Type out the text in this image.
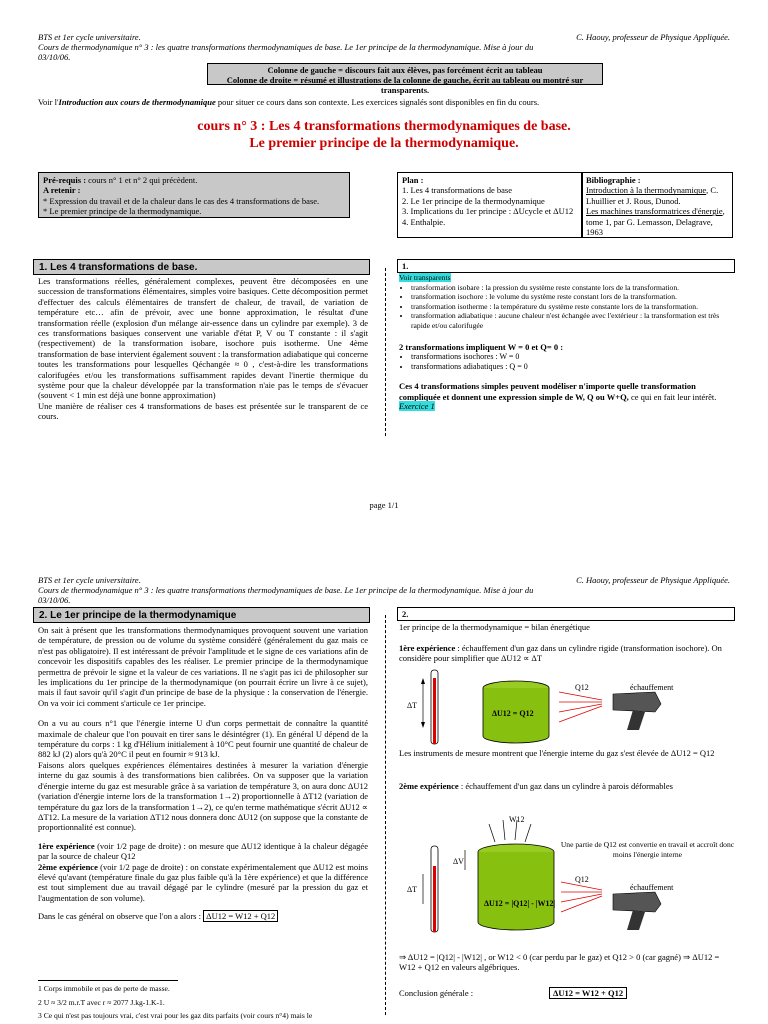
BTS et 1er cycle universitaire.
Cours de thermodynamique n° 3 : les quatre transformations thermodynamiques de base. Le 1er principe de la thermodynamique. Mise à jour du 03/10/06.
C. Haouy, professeur de Physique Appliquée.
Colonne de gauche = discours fait aux élèves, pas forcément écrit au tableau
Colonne de droite = résumé et illustrations de la colonne de gauche, écrit au tableau ou montré sur transparents.
Voir l'Introduction aux cours de thermodynamique pour situer ce cours dans son contexte. Les exercices signalés sont disponibles en fin du cours.
cours n° 3 : Les 4 transformations thermodynamiques de base.
Le premier principe de la thermodynamique.
Pré-requis : cours n° 1 et n° 2 qui précèdent.
A retenir :
* Expression du travail et de la chaleur dans le cas des 4 transformations de base.
* Le premier principe de la thermodynamique.
Plan :
1. Les 4 transformations de base
2. Le 1er principe de la thermodynamique
3. Implications du 1er principe : ΔUcycle et ΔU12
4. Enthalpie.
Bibliographie :
Introduction à la thermodynamique, C. Lhuillier et J. Rous, Dunod.
Les machines transformatrices d'énergie, tome 1, par G. Lemasson, Delagrave, 1963
1. Les 4 transformations de base.
Les transformations réelles, généralement complexes, peuvent être décomposées en une succession de transformations élémentaires, simples voire basiques. Cette décomposition permet d'effectuer des calculs élémentaires de transfert de chaleur, de travail, de variation de température etc… afin de prévoir, avec une bonne approximation, le résultat d'une transformation réelle (explosion d'un mélange air-essence dans un cylindre par exemple). 3 de ces transformations basiques conservent une variable d'état P, V ou T constante : il s'agit (respectivement) de la transformation isobare, isochore puis isotherme. Une 4ème transformation de base intervient également souvent : la transformation adiabatique qui concerne toutes les transformations pour lesquelles Qéchangée ≈ 0 , c'est-à-dire les transformations calorifugées et/ou les transformations suffisamment rapides devant l'inertie thermique du système pour que la chaleur développée par la transformation n'aie pas le temps de s'évacuer (souvent < 1 min est déjà une bonne approximation)
Une manière de réaliser ces 4 transformations de bases est présentée sur le transparent de ce cours.
1.
Voir transparents
• transformation isobare : la pression du système reste constante lors de la transformation.
• transformation isochore : le volume du système reste constant lors de la transformation.
• transformation isotherme : la température du système reste constante lors de la transformation.
• transformation adiabatique : aucune chaleur n'est échangée avec l'extérieur : la transformation est très rapide et/ou calorifugée
2 transformations impliquent W = 0 et Q= 0 :
• transformations isochores : W = 0
• transformations adiabatiques : Q = 0
Ces 4 transformations simples peuvent modéliser n'importe quelle transformation compliquée et donnent une expression simple de W, Q ou W+Q, ce qui en fait leur intérêt.
Exercice 1
page 1/1
BTS et 1er cycle universitaire.
Cours de thermodynamique n° 3 : les quatre transformations thermodynamiques de base. Le 1er principe de la thermodynamique. Mise à jour du 03/10/06.
C. Haouy, professeur de Physique Appliquée.
2. Le 1er principe de la thermodynamique
On sait à présent que les transformations thermodynamiques provoquent souvent une variation de température, de pression ou de volume du système considéré (généralement du gaz mais ce n'est pas obligatoire). Il est intéressant de prévoir l'amplitude et le signe de ces variations afin de concevoir les dispositifs capables des les réaliser. Le premier principe de la thermodynamique permettra de prévoir le signe et la valeur de ces variations. Il ne s'agit pas ici de philosopher sur les implications du 1er principe de la thermodynamique (on pourrait écrire un livre à ce sujet), mais il faut savoir qu'il s'agit d'un principe de base de la physique : la conservation de l'énergie. On va voir ici comment s'articule ce 1er principe.
On a vu au cours n°1 que l'énergie interne U d'un corps permettait de connaître la quantité maximale de chaleur que l'on pouvait en tirer sans le désintégrer (1). En général U dépend de la température du corps : 1 kg d'Hélium initialement à 10°C peut fournir une quantité de chaleur de 882 kJ (2) alors qu'à 20°C il peut en fournir ≈ 913 kJ.
Faisons alors quelques expériences élémentaires destinées à mesurer la variation d'énergie interne du gaz soumis à des transformations bien calibrées. On va supposer que la variation d'énergie interne du gaz est mesurable grâce à sa variation de température 3, on aura donc ΔU12 (variation d'énergie interne lors de la transformation 1→2) proportionnelle à ΔT12 (variation de température du gaz lors de la transformation 1→2), ce qu'en terme mathématique s'écrit ΔU12 ∝ ΔT12. La mesure de la variation ΔT12 nous donnera donc ΔU12 (on suppose que la constante de proportionnalité est connue).
1ère expérience (voir 1/2 page de droite) : on mesure que ΔU12 identique à la chaleur dégagée par la source de chaleur Q12
2ème expérience (voir 1/2 page de droite) : on constate expérimentalement que ΔU12 est moins élevé qu'avant (température finale du gaz plus faible qu'à la 1ère expérience) et que la différence est tout simplement due au travail dégagé par le cylindre (mesuré par la pression du gaz et l'augmentation de son volume).
Dans le cas général on observe que l'on a alors : ΔU12 = W12 + Q12
1 Corps immobile et pas de perte de masse.
2 U ≈ 3/2 m.r.T avec r ≈ 2077 J.kg-1.K-1.
3 Ce qui n'est pas toujours vrai, c'est vrai pour les gaz dits parfaits (voir cours n°4) mais le
2.
1er principe de la thermodynamique = bilan énergétique
1ère expérience : échauffement d'un gaz dans un cylindre rigide (transformation isochore). On considère pour simplifier que ΔU12 ∝ ΔT
ΔT
ΔU12 = Q12
Q12	échauffement
Les instruments de mesure montrent que l'énergie interne du gaz s'est élevée de ΔU12 = Q12
2ème expérience : échauffement d'un gaz dans un cylindre à parois déformables
ΔT
ΔV
W12
ΔU12 = |Q12| - |W12|
Q12
échauffement
Une partie de Q12 est convertie en travail et accroît donc moins l'énergie interne
⇒ ΔU12 = |Q12| - |W12| , or W12 < 0 (car perdu par le gaz) et Q12 > 0 (car gagné) ⇒ ΔU12 = W12 + Q12 en valeurs algébriques.
Conclusion générale :	ΔU12 = W12 + Q12
